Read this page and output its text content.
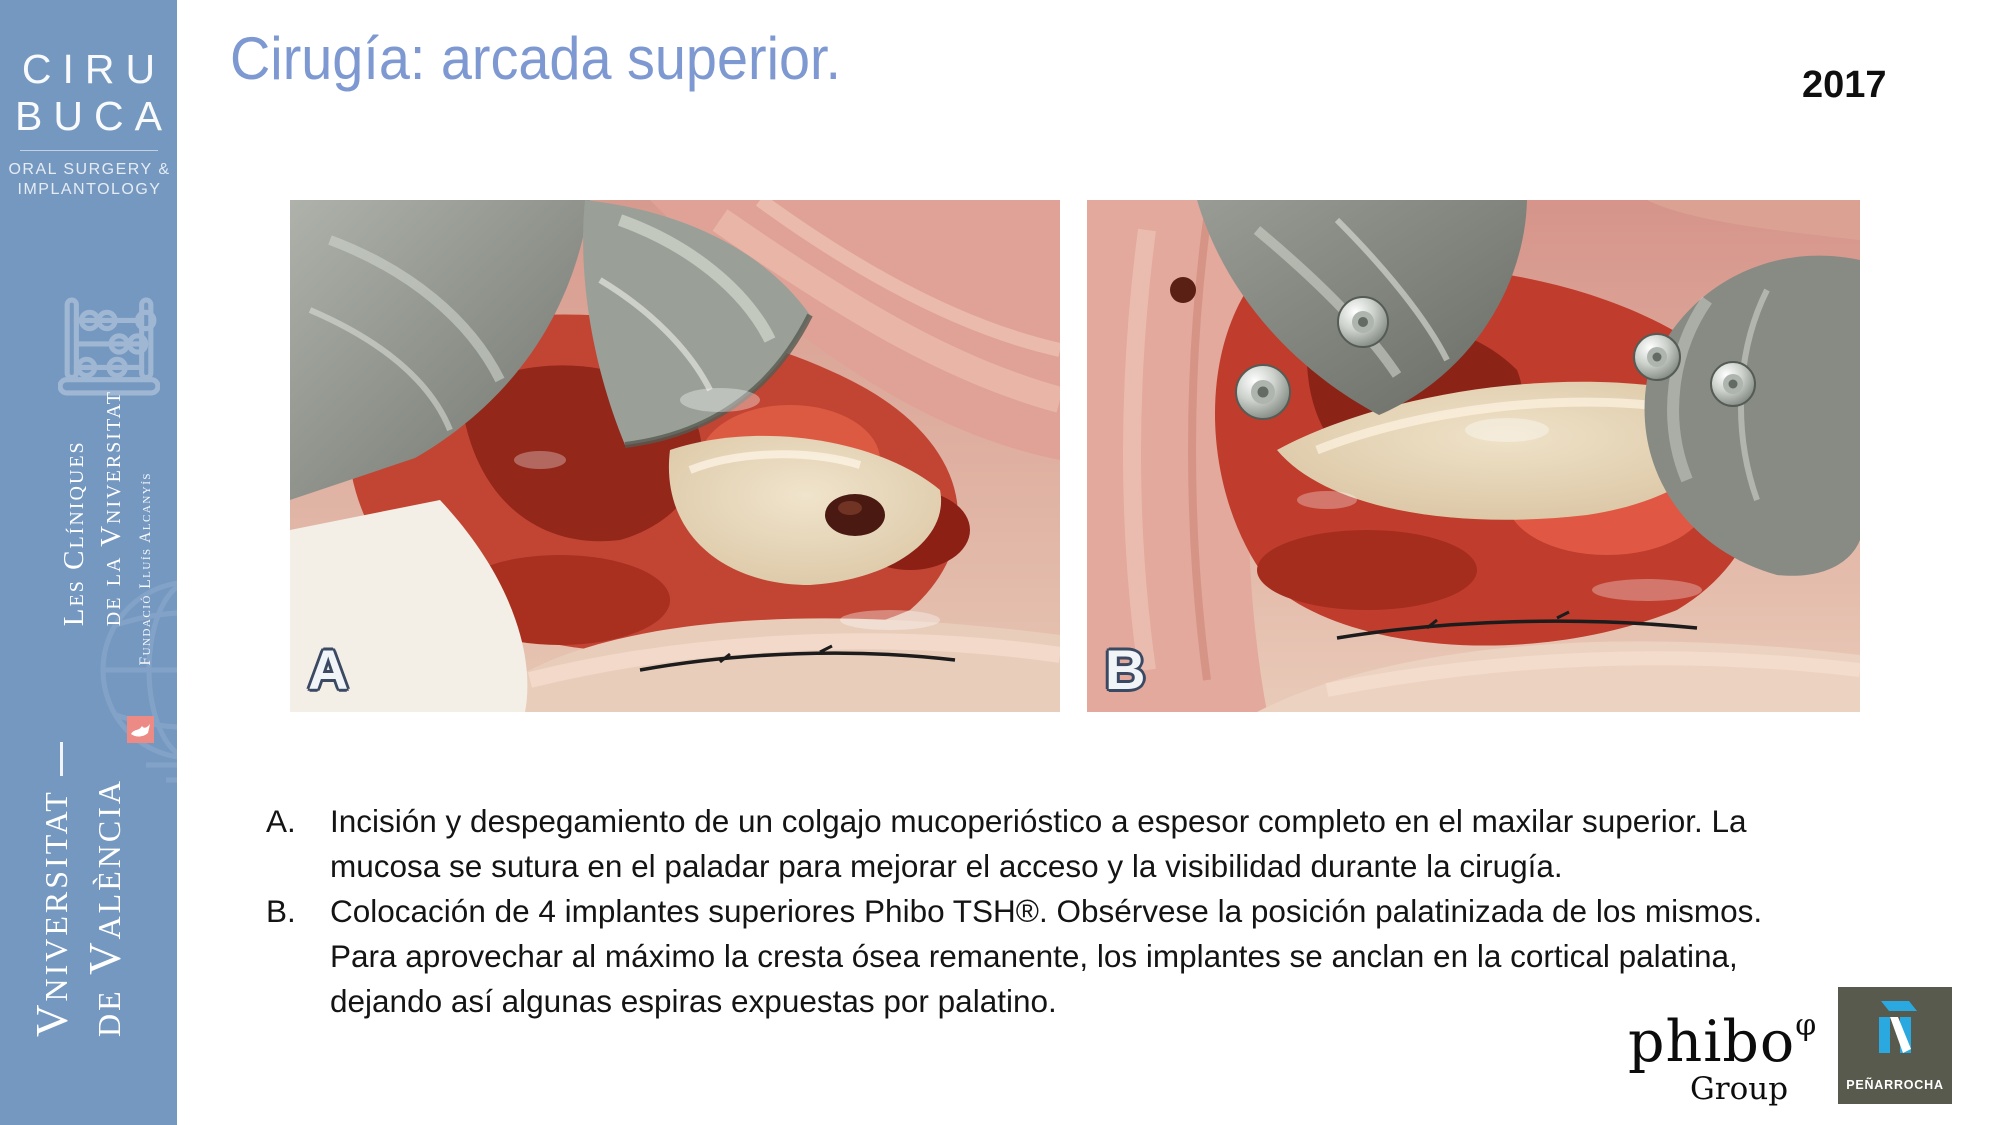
CIRU
BUCA
ORAL SURGERY &
IMPLANTOLOGY
Les Clíniques de la Vniversitat Fundació Lluís Alcanyís
Vniversitat
de València
Cirugía: arcada superior.	2017
A	B
A.	Incisión y despegamiento de un colgajo mucoperióstico a espesor completo en el maxilar superior. La
mucosa se sutura en el paladar para mejorar el acceso y la visibilidad durante la cirugía.
B.	Colocación de 4 implantes superiores Phibo TSH®. Obsérvese la posición palatinizada de los mismos.
Para aprovechar al máximo la cresta ósea remanente, los implantes se anclan en la cortical palatina,
dejando así algunas espiras expuestas por palatino.
phibo$^\varphi$
Group	PEÑARROCHA
